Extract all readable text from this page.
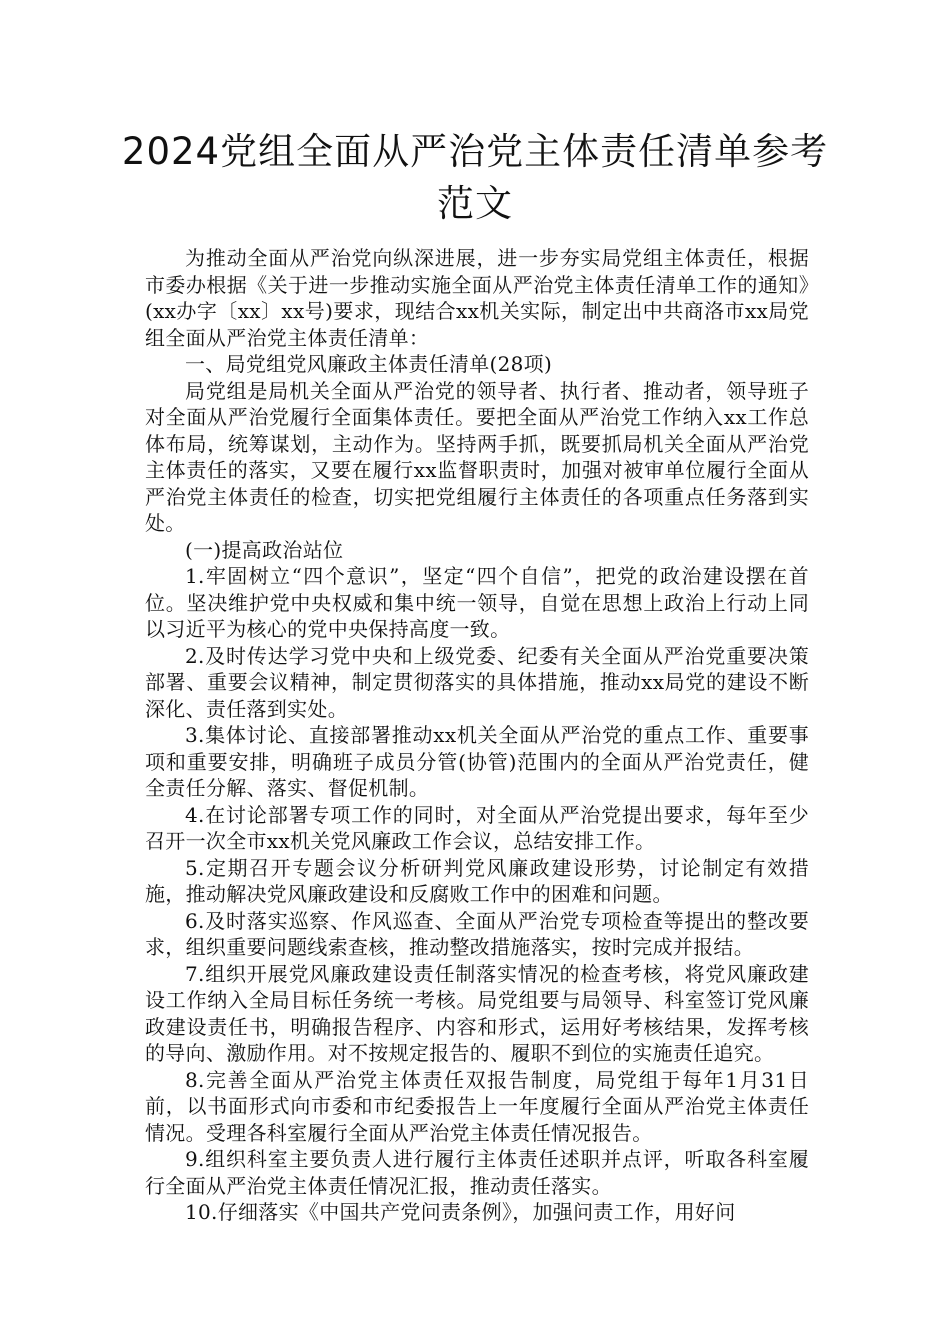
2024党组全面从严治党主体责任清单参考范文

为推动全面从严治党向纵深进展，进一步夯实局党组主体责任，根据市委办根据《关于进一步推动实施全面从严治党主体责任清单工作的通知》(xx办字〔xx〕xx号)要求，现结合xx机关实际，制定出中共商洛市xx局党组全面从严治党主体责任清单：

一、局党组党风廉政主体责任清单(28项)

局党组是局机关全面从严治党的领导者、执行者、推动者，领导班子对全面从严治党履行全面集体责任。要把全面从严治党工作纳入xx工作总体布局，统筹谋划，主动作为。坚持两手抓，既要抓局机关全面从严治党主体责任的落实，又要在履行xx监督职责时，加强对被审单位履行全面从严治党主体责任的检查，切实把党组履行主体责任的各项重点任务落到实处。

(一)提高政治站位

1.牢固树立“四个意识”，坚定“四个自信”，把党的政治建设摆在首位。坚决维护党中央权威和集中统一领导，自觉在思想上政治上行动上同以习近平为核心的党中央保持高度一致。

2.及时传达学习党中央和上级党委、纪委有关全面从严治党重要决策部署、重要会议精神，制定贯彻落实的具体措施，推动xx局党的建设不断深化、责任落到实处。

3.集体讨论、直接部署推动xx机关全面从严治党的重点工作、重要事项和重要安排，明确班子成员分管(协管)范围内的全面从严治党责任，健全责任分解、落实、督促机制。

4.在讨论部署专项工作的同时，对全面从严治党提出要求，每年至少召开一次全市xx机关党风廉政工作会议，总结安排工作。

5.定期召开专题会议分析研判党风廉政建设形势，讨论制定有效措施，推动解决党风廉政建设和反腐败工作中的困难和问题。

6.及时落实巡察、作风巡查、全面从严治党专项检查等提出的整改要求，组织重要问题线索查核，推动整改措施落实，按时完成并报结。

7.组织开展党风廉政建设责任制落实情况的检查考核，将党风廉政建设工作纳入全局目标任务统一考核。局党组要与局领导、科室签订党风廉政建设责任书，明确报告程序、内容和形式，运用好考核结果，发挥考核的导向、激励作用。对不按规定报告的、履职不到位的实施责任追究。

8.完善全面从严治党主体责任双报告制度，局党组于每年1月31日前，以书面形式向市委和市纪委报告上一年度履行全面从严治党主体责任情况。受理各科室履行全面从严治党主体责任情况报告。

9.组织科室主要负责人进行履行主体责任述职并点评，听取各科室履行全面从严治党主体责任情况汇报，推动责任落实。

10.仔细落实《中国共产党问责条例》，加强问责工作，用好问
